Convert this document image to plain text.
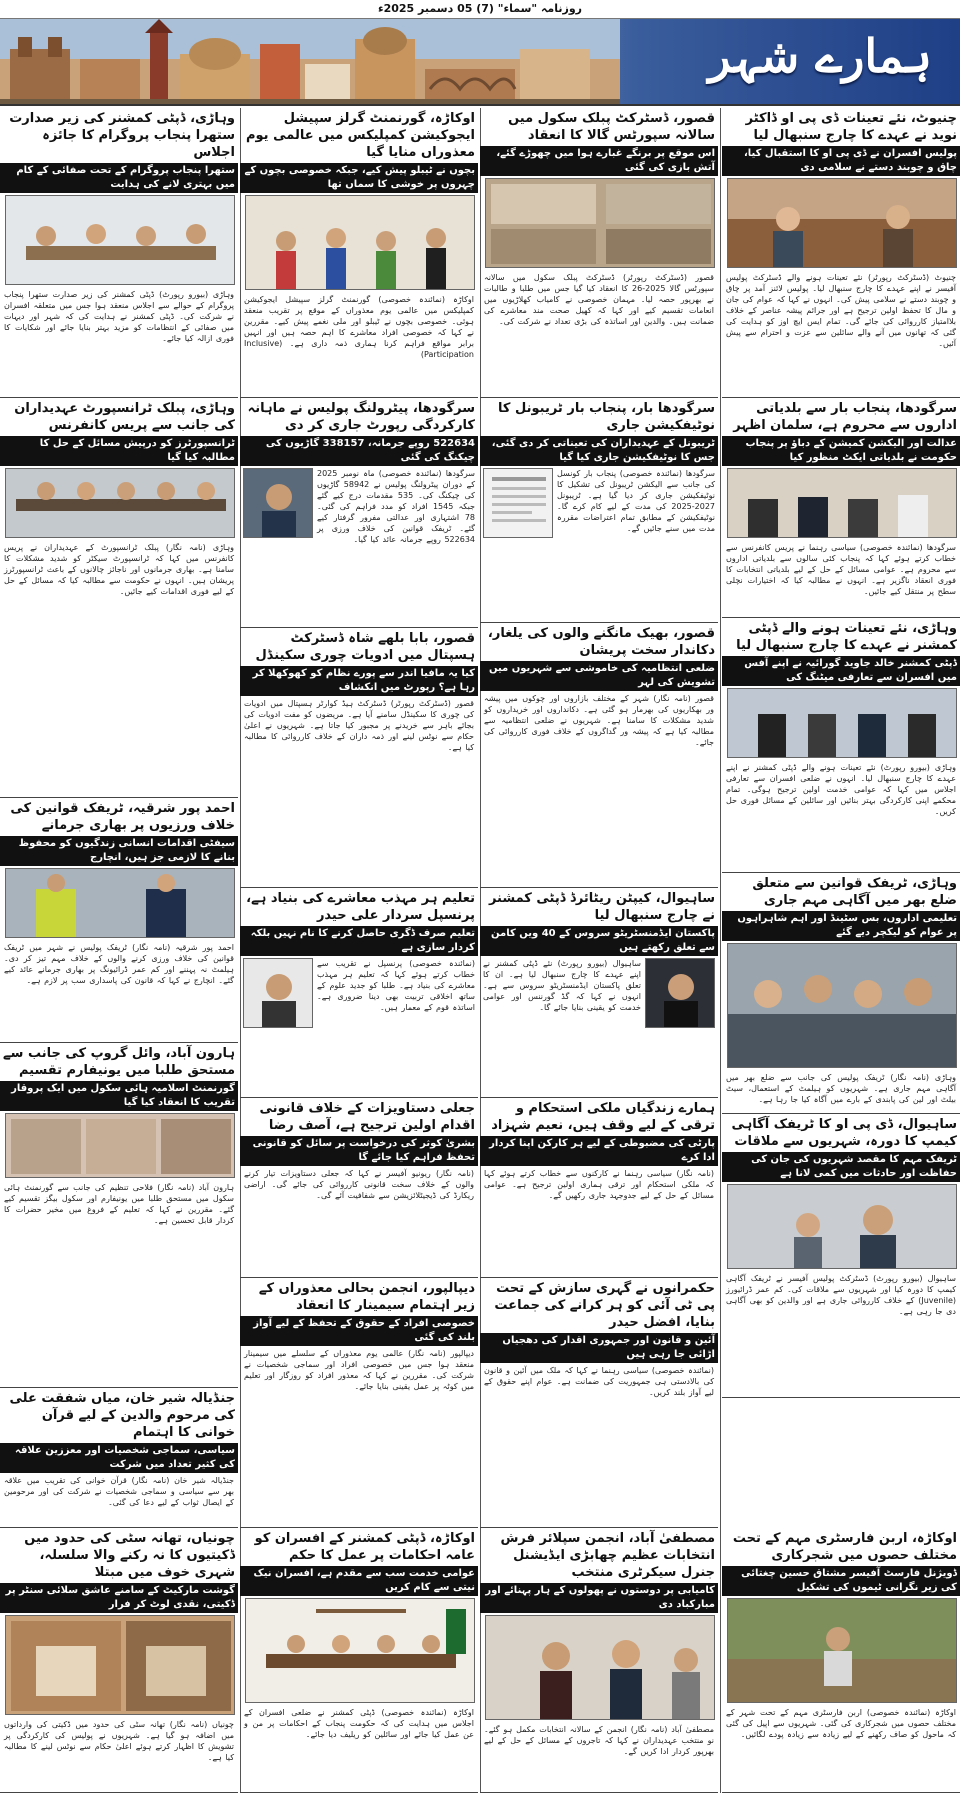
روزنامہ "سماء" (7) 05 دسمبر 2025ء
ہمارے شہر
چنیوٹ، نئے تعینات ڈی پی او ڈاکٹر نوید نے عہدے کا چارج سنبھال لیا
پولیس افسران نے ڈی پی او کا استقبال کیا، چاق و چوبند دستے نے سلامی دی
چنیوٹ (ڈسٹرکٹ رپورٹر) نئے تعینات ہونے والے ڈسٹرکٹ پولیس آفیسر نے اپنے عہدے کا چارج سنبھال لیا۔ پولیس لائنز آمد پر چاق و چوبند دستے نے سلامی پیش کی۔ انہوں نے کہا کہ عوام کی جان و مال کا تحفظ اولین ترجیح ہے اور جرائم پیشہ عناصر کے خلاف بلاامتیاز کارروائی کی جائے گی۔ تمام ایس ایچ اوز کو ہدایت کی گئی کہ تھانوں میں آنے والے سائلین سے عزت و احترام سے پیش آئیں۔
سرگودھا، پنجاب بار سے بلدیاتی اداروں سے محروم ہے، سلمان اظہر
عدالت اور الیکشن کمیشن کے دباؤ پر پنجاب حکومت نے بلدیاتی ایکٹ منظور کیا
سرگودھا (نمائندہ خصوصی) سیاسی رہنما نے پریس کانفرنس سے خطاب کرتے ہوئے کہا کہ پنجاب کئی سالوں سے بلدیاتی اداروں سے محروم ہے۔ عوامی مسائل کے حل کے لیے بلدیاتی انتخابات کا فوری انعقاد ناگزیر ہے۔ انہوں نے مطالبہ کیا کہ اختیارات نچلی سطح پر منتقل کیے جائیں۔
وہاڑی، نئے تعینات ہونے والے ڈپٹی کمشنر نے عہدے کا چارج سنبھال لیا
ڈپٹی کمشنر خالد جاوید گورائیہ نے اپنے آفس میں افسران سے تعارفی میٹنگ کی
وہاڑی (بیورو رپورٹ) نئے تعینات ہونے والے ڈپٹی کمشنر نے اپنے عہدے کا چارج سنبھال لیا۔ انہوں نے ضلعی افسران سے تعارفی اجلاس میں کہا کہ عوامی خدمت اولین ترجیح ہوگی۔ تمام محکمے اپنی کارکردگی بہتر بنائیں اور سائلین کے مسائل فوری حل کریں۔
وہاڑی، ٹریفک قوانین سے متعلق ضلع بھر میں آگاہی مہم جاری
تعلیمی اداروں، بس سٹینڈ اور اہم شاہراہوں پر عوام کو لیکچر دیے گئے
وہاڑی (نامہ نگار) ٹریفک پولیس کی جانب سے ضلع بھر میں آگاہی مہم جاری ہے۔ شہریوں کو ہیلمٹ کے استعمال، سیٹ بیلٹ اور لین کی پابندی کے بارے میں آگاہ کیا جا رہا ہے۔
ساہیوال، ڈی پی او کا ٹریفک آگاہی کیمپ کا دورہ، شہریوں سے ملاقات
ٹریفک مہم کا مقصد شہریوں کی جان کی حفاظت اور حادثات میں کمی لانا ہے
ساہیوال (بیورو رپورٹ) ڈسٹرکٹ پولیس آفیسر نے ٹریفک آگاہی کیمپ کا دورہ کیا اور شہریوں سے ملاقات کی۔ کم عمر ڈرائیورز (Juvenile) کے خلاف کارروائی جاری ہے اور والدین کو بھی آگاہی دی جا رہی ہے۔
اوکاڑہ، اربن فارسٹری مہم کے تحت مختلف حصوں میں شجرکاری
ڈویژنل فارسٹ آفیسر مشتاق حسین چغتائی کی زیر نگرانی ٹیموں کی تشکیل
اوکاڑہ (نمائندہ خصوصی) اربن فارسٹری مہم کے تحت شہر کے مختلف حصوں میں شجرکاری کی گئی۔ شہریوں سے اپیل کی گئی کہ ماحول کو صاف رکھنے کے لیے زیادہ سے زیادہ پودے لگائیں۔
قصور، ڈسٹرکٹ پبلک سکول میں سالانہ سپورٹس گالا کا انعقاد
اس موقع پر برنگے غبارے ہوا میں چھوڑے گئے، آتش بازی کی گئی
قصور (ڈسٹرکٹ رپورٹر) ڈسٹرکٹ پبلک سکول میں سالانہ سپورٹس گالا 2025-26 کا انعقاد کیا گیا جس میں طلبا و طالبات نے بھرپور حصہ لیا۔ مہمان خصوصی نے کامیاب کھلاڑیوں میں انعامات تقسیم کیے اور کہا کہ کھیل صحت مند معاشرے کی ضمانت ہیں۔ والدین اور اساتذہ کی بڑی تعداد نے شرکت کی۔
سرگودھا بار، پنجاب بار ٹریبونل کا نوٹیفکیشن جاری
ٹریبونل کے عہدیداران کی تعیناتی کر دی گئی، جس کا نوٹیفکیشن جاری کیا گیا
سرگودھا (نمائندہ خصوصی) پنجاب بار کونسل کی جانب سے الیکشن ٹریبونل کی تشکیل کا نوٹیفکیشن جاری کر دیا گیا ہے۔ ٹریبونل 2027-2025 کی مدت کے لیے کام کرے گا۔ نوٹیفکیشن کے مطابق تمام اعتراضات مقررہ مدت میں سنے جائیں گے۔
قصور، بھیک مانگنے والوں کی یلغار، دکاندار سخت پریشان
ضلعی انتظامیہ کی خاموشی سے شہریوں میں تشویش کی لہر
قصور (نامہ نگار) شہر کے مختلف بازاروں اور چوکوں میں پیشہ ور بھکاریوں کی بھرمار ہو گئی ہے۔ دکانداروں اور خریداروں کو شدید مشکلات کا سامنا ہے۔ شہریوں نے ضلعی انتظامیہ سے مطالبہ کیا ہے کہ پیشہ ور گداگروں کے خلاف فوری کارروائی کی جائے۔
ساہیوال، کیپٹن ریٹائرڈ ڈپٹی کمشنر نے چارج سنبھال لیا
پاکستان ایڈمنسٹریٹو سروس کے 40 ویں کامن سے تعلق رکھتے ہیں
ساہیوال (بیورو رپورٹ) نئے ڈپٹی کمشنر نے اپنے عہدے کا چارج سنبھال لیا ہے۔ ان کا تعلق پاکستان ایڈمنسٹریٹو سروس سے ہے۔ انہوں نے کہا کہ گڈ گورننس اور عوامی خدمت کو یقینی بنایا جائے گا۔
ہمارے زندگیاں ملکی استحکام و ترقی کے لیے وقف ہیں، نعیم شہزاد
پارٹی کی مضبوطی کے لیے ہر کارکن اپنا کردار ادا کرے
(نامہ نگار) سیاسی رہنما نے کارکنوں سے خطاب کرتے ہوئے کہا کہ ملکی استحکام اور ترقی ہماری اولین ترجیح ہے۔ عوامی مسائل کے حل کے لیے جدوجہد جاری رکھیں گے۔
حکمرانوں نے گہری سازش کے تحت پی ٹی آئی کو ہر کرانے کی جماعت بنایا، افضل حیدر
آئین و قانون اور جمہوری اقدار کی دھجیاں اڑائی جا رہی ہیں
(نمائندہ خصوصی) سیاسی رہنما نے کہا کہ ملک میں آئین و قانون کی بالادستی ہی جمہوریت کی ضمانت ہے۔ عوام اپنے حقوق کے لیے آواز بلند کریں۔
مصطفیٰ آباد، انجمن سپلائر فرش انتخابات عظیم چھابڑی ایڈیشنل جنرل سیکرٹری منتخب
کامیابی پر دوستوں نے پھولوں کے ہار پہنائے اور مبارکباد دی
مصطفیٰ آباد (نامہ نگار) انجمن کے سالانہ انتخابات مکمل ہو گئے۔ نو منتخب عہدیداران نے کہا کہ تاجروں کے مسائل کے حل کے لیے بھرپور کردار ادا کریں گے۔
اوکاڑہ، گورنمنٹ گرلز سپیشل ایجوکیشن کمپلیکس میں عالمی یوم معذوراں منایا گیا
بچوں نے ٹیبلو پیش کیے، جبکہ خصوصی بچوں کے چہروں پر خوشی کا سماں تھا
اوکاڑہ (نمائندہ خصوصی) گورنمنٹ گرلز سپیشل ایجوکیشن کمپلیکس میں عالمی یوم معذوراں کے موقع پر تقریب منعقد ہوئی۔ خصوصی بچوں نے ٹیبلو اور ملی نغمے پیش کیے۔ مقررین نے کہا کہ خصوصی افراد معاشرے کا اہم حصہ ہیں اور انہیں برابر مواقع فراہم کرنا ہماری ذمہ داری ہے۔ (Inclusive Participation)
سرگودھا، پیٹرولنگ پولیس نے ماہانہ کارکردگی رپورٹ جاری کر دی
522634 روپے جرمانہ، 338157 گاڑیوں کی چیکنگ کی گئی
سرگودھا (نمائندہ خصوصی) ماہ نومبر 2025 کے دوران پیٹرولنگ پولیس نے 58942 گاڑیوں کی چیکنگ کی۔ 535 مقدمات درج کیے گئے جبکہ 1545 افراد کو مدد فراہم کی گئی۔ 78 اشتہاری اور عدالتی مفرور گرفتار کیے گئے۔ ٹریفک قوانین کی خلاف ورزی پر 522634 روپے جرمانہ عائد کیا گیا۔
قصور، بابا بلھے شاہ ڈسٹرکٹ ہسپتال میں ادویات چوری سکینڈل
کیا یہ مافیا اندر سے پورے نظام کو کھوکھلا کر رہا ہے؟ رپورٹ میں انکشاف
قصور (ڈسٹرکٹ رپورٹر) ڈسٹرکٹ ہیڈ کوارٹر ہسپتال میں ادویات کی چوری کا سکینڈل سامنے آیا ہے۔ مریضوں کو مفت ادویات کی بجائے باہر سے خریدنے پر مجبور کیا جاتا ہے۔ شہریوں نے اعلیٰ حکام سے نوٹس لینے اور ذمہ داران کے خلاف کارروائی کا مطالبہ کیا ہے۔
تعلیم ہر مہذب معاشرے کی بنیاد ہے، پرنسپل سردار علی حیدر
تعلیم صرف ڈگری حاصل کرنے کا نام نہیں بلکہ کردار سازی ہے
(نمائندہ خصوصی) پرنسپل نے تقریب سے خطاب کرتے ہوئے کہا کہ تعلیم ہر مہذب معاشرے کی بنیاد ہے۔ طلبا کو جدید علوم کے ساتھ اخلاقی تربیت بھی دینا ضروری ہے۔ اساتذہ قوم کے معمار ہیں۔
جعلی دستاویزات کے خلاف قانونی اقدام اولین ترجیح ہے، آصف رضا
بشریٰ کوثر کی درخواست پر سائل کو قانونی تحفظ فراہم کیا جائے گا
(نامہ نگار) ریونیو آفیسر نے کہا کہ جعلی دستاویزات تیار کرنے والوں کے خلاف سخت قانونی کارروائی کی جائے گی۔ اراضی ریکارڈ کی ڈیجیٹلائزیشن سے شفافیت آئے گی۔
دیپالپور، انجمن بحالی معذوراں کے زیر اہتمام سیمینار کا انعقاد
خصوصی افراد کے حقوق کے تحفظ کے لیے آواز بلند کی گئی
دیپالپور (نامہ نگار) عالمی یوم معذوراں کے سلسلے میں سیمینار منعقد ہوا جس میں خصوصی افراد اور سماجی شخصیات نے شرکت کی۔ مقررین نے کہا کہ معذور افراد کو روزگار اور تعلیم میں کوٹہ پر عمل یقینی بنایا جائے۔
اوکاڑہ، ڈپٹی کمشنر کے افسران کو عامہ احکامات پر عمل کا حکم
عوامی خدمت سب سے مقدم ہے، افسران نیک نیتی سے کام کریں
اوکاڑہ (نمائندہ خصوصی) ڈپٹی کمشنر نے ضلعی افسران کے اجلاس میں ہدایت کی کہ حکومت پنجاب کے احکامات پر من و عن عمل کیا جائے اور سائلین کو ریلیف دیا جائے۔
وہاڑی، ڈپٹی کمشنر کی زیر صدارت ستھرا پنجاب پروگرام کا جائزہ اجلاس
ستھرا پنجاب پروگرام کے تحت صفائی کے کام میں بہتری لانے کی ہدایت
وہاڑی (بیورو رپورٹ) ڈپٹی کمشنر کی زیر صدارت ستھرا پنجاب پروگرام کے حوالے سے اجلاس منعقد ہوا جس میں متعلقہ افسران نے شرکت کی۔ ڈپٹی کمشنر نے ہدایت کی کہ شہر اور دیہات میں صفائی کے انتظامات کو مزید بہتر بنایا جائے اور شکایات کا فوری ازالہ کیا جائے۔
وہاڑی، پبلک ٹرانسپورٹ عہدیداران کی جانب سے پریس کانفرنس
ٹرانسپورٹرز کو درپیش مسائل کے حل کا مطالبہ کیا گیا
وہاڑی (نامہ نگار) پبلک ٹرانسپورٹ کے عہدیداران نے پریس کانفرنس میں کہا کہ ٹرانسپورٹ سیکٹر کو شدید مشکلات کا سامنا ہے۔ بھاری جرمانوں اور ناجائز چالانوں کے باعث ٹرانسپورٹرز پریشان ہیں۔ انہوں نے حکومت سے مطالبہ کیا کہ مسائل کے حل کے لیے فوری اقدامات کیے جائیں۔
احمد پور شرقیہ، ٹریفک قوانین کی خلاف ورزیوں پر بھاری جرمانے
سیفٹی اقدامات انسانی زندگیوں کو محفوظ بنانے کا لازمی جز ہیں، انچارج
احمد پور شرقیہ (نامہ نگار) ٹریفک پولیس نے شہر میں ٹریفک قوانین کی خلاف ورزی کرنے والوں کے خلاف مہم تیز کر دی۔ ہیلمٹ نہ پہننے اور کم عمر ڈرائیونگ پر بھاری جرمانے عائد کیے گئے۔ انچارج نے کہا کہ قانون کی پاسداری سب پر لازم ہے۔
ہارون آباد، وائل گروپ کی جانب سے مستحق طلبا میں یونیفارم تقسیم
گورنمنٹ اسلامیہ ہائی سکول میں ایک پروقار تقریب کا انعقاد کیا گیا
ہارون آباد (نامہ نگار) فلاحی تنظیم کی جانب سے گورنمنٹ ہائی سکول میں مستحق طلبا میں یونیفارم اور سکول بیگز تقسیم کیے گئے۔ مقررین نے کہا کہ تعلیم کے فروغ میں مخیر حضرات کا کردار قابل تحسین ہے۔
جنڈیالہ شیر خان، میاں شفقت علی کی مرحوم والدین کے لیے قرآن خوانی کا اہتمام
سیاسی، سماجی شخصیات اور معززین علاقہ کی کثیر تعداد میں شرکت
جنڈیالہ شیر خان (نامہ نگار) قرآن خوانی کی تقریب میں علاقہ بھر سے سیاسی و سماجی شخصیات نے شرکت کی اور مرحومین کے ایصال ثواب کے لیے دعا کی گئی۔
چونیاں، تھانہ سٹی کی حدود میں ڈکیتیوں کا نہ رکنے والا سلسلہ، شہری خوف میں مبتلا
گوشت مارکیٹ کے سامنے عاشق سلائی سنٹر پر ڈکیتی، نقدی لوٹ کر فرار
چونیاں (نامہ نگار) تھانہ سٹی کی حدود میں ڈکیتی کی وارداتوں میں اضافہ ہو گیا ہے۔ شہریوں نے پولیس کی کارکردگی پر تشویش کا اظہار کرتے ہوئے اعلیٰ حکام سے نوٹس لینے کا مطالبہ کیا ہے۔
